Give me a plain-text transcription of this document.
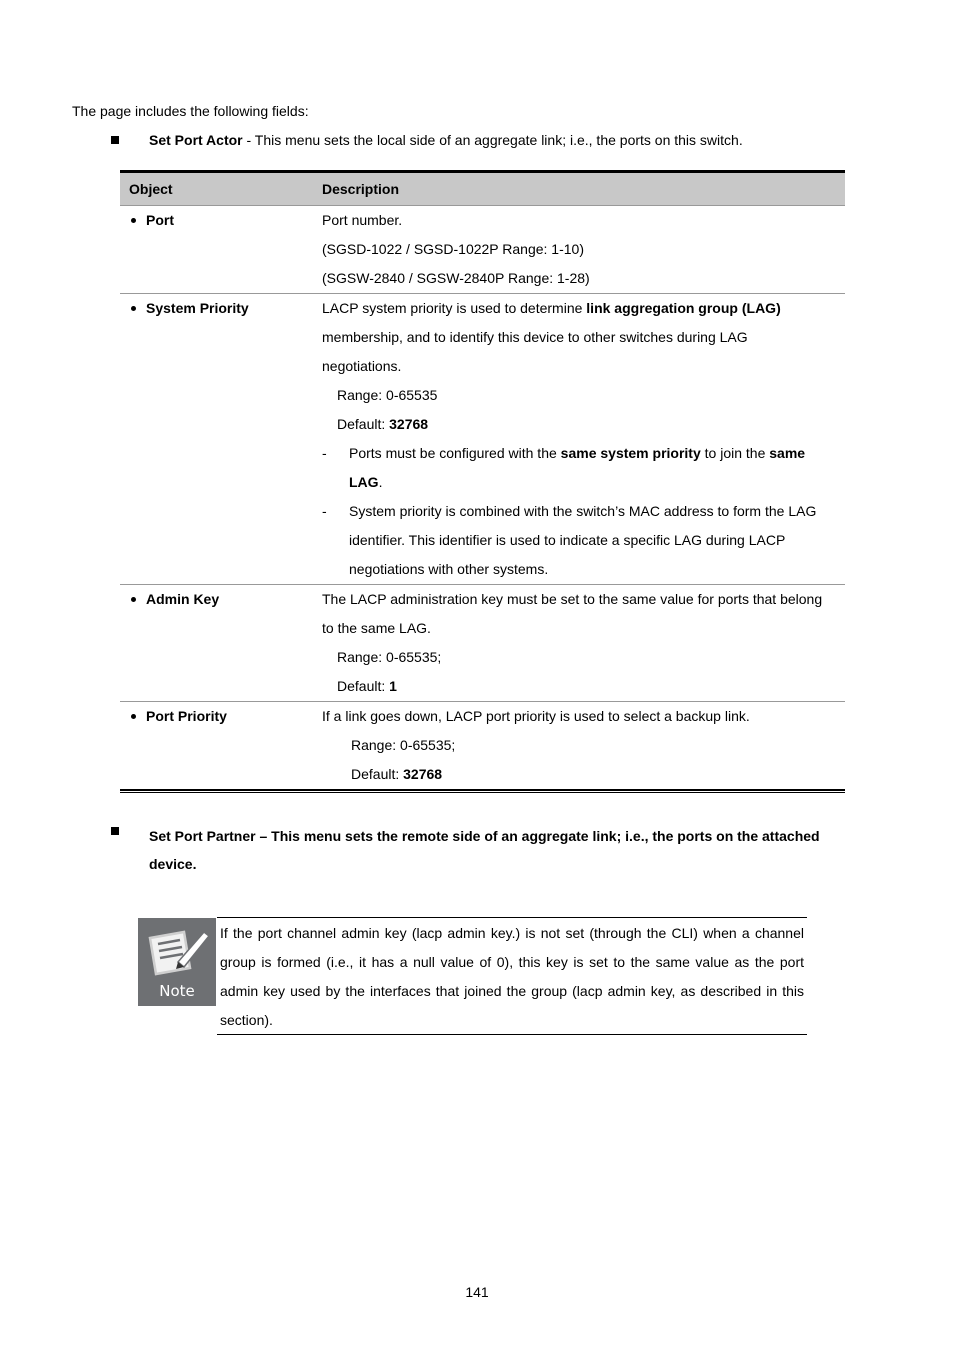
The page includes the following fields:
Set Port Actor - This menu sets the local side of an aggregate link; i.e., the ports on this switch.
Object	Description
Port	Port number.
(SGSD-1022 / SGSD-1022P Range: 1-10)
(SGSW-2840 / SGSW-2840P Range: 1-28)
System Priority	LACP system priority is used to determine link aggregation group (LAG)
membership, and to identify this device to other switches during LAG
negotiations.
Range: 0-65535
Default: 32768
-	Ports must be configured with the same system priority to join the same
LAG.
-	System priority is combined with the switch’s MAC address to form the LAG
identifier. This identifier is used to indicate a specific LAG during LACP
negotiations with other systems.
Admin Key	The LACP administration key must be set to the same value for ports that belong
to the same LAG.
Range: 0-65535;
Default: 1
Port Priority	If a link goes down, LACP port priority is used to select a backup link.
Range: 0-65535;
Default: 32768
Set Port Partner – This menu sets the remote side of an aggregate link; i.e., the ports on the attached device.
Note
If the port channel admin key (lacp admin key.) is not set (through the CLI) when a channel group is formed (i.e., it has a null value of 0), this key is set to the same value as the port admin key used by the interfaces that joined the group (lacp admin key, as described in this section).
141
